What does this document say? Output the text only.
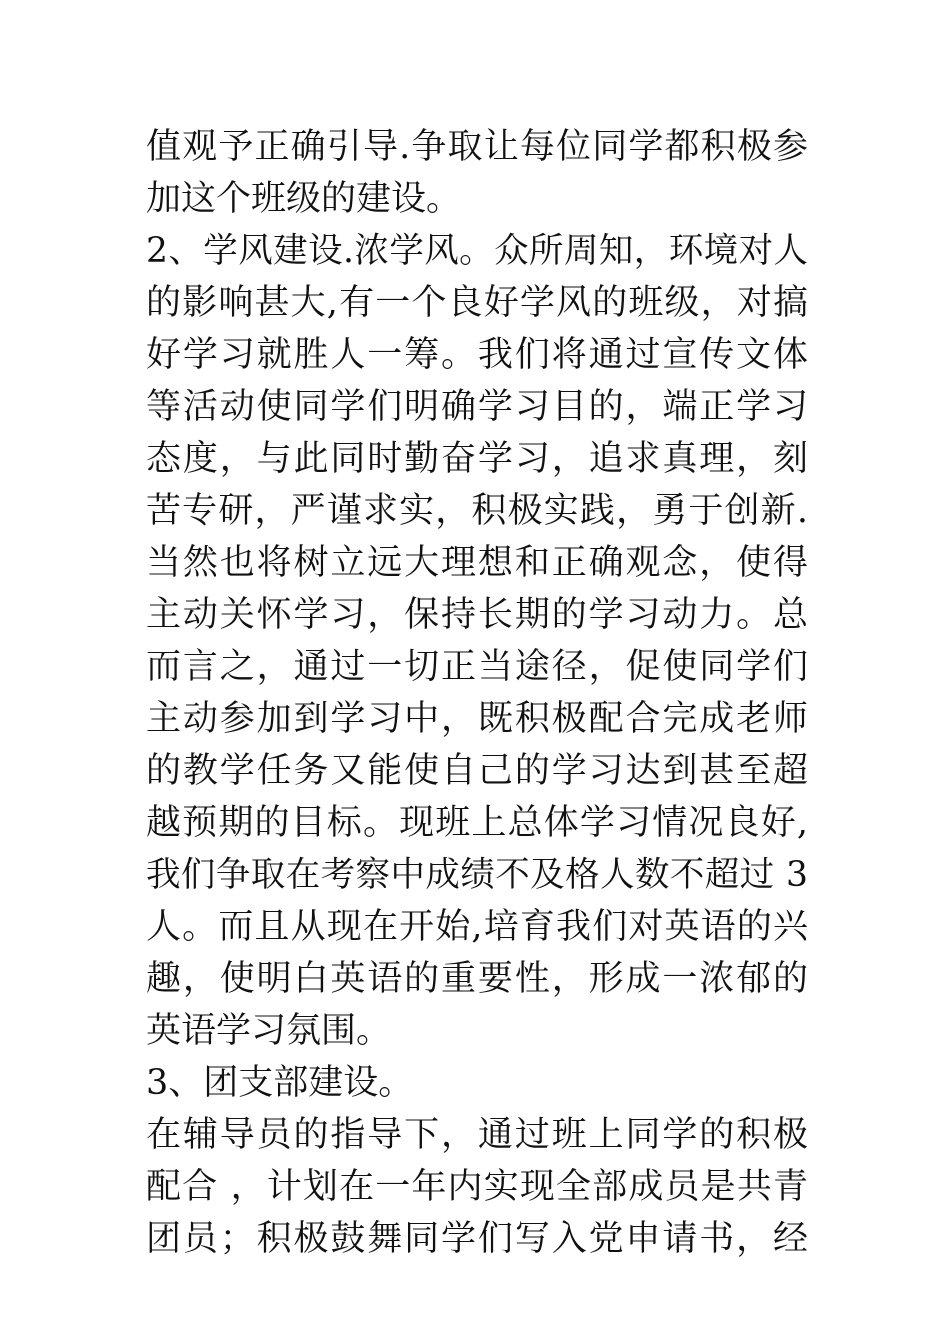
值观予正确引导.争取让每位同学都积极参
加这个班级的建设。
2、学风建设.浓学风。众所周知，环境对人
的影响甚大,有一个良好学风的班级，对搞
好学习就胜人一筹。我们将通过宣传文体
等活动使同学们明确学习目的，端正学习
态度，与此同时勤奋学习，追求真理，刻
苦专研，严谨求实，积极实践，勇于创新.
当然也将树立远大理想和正确观念，使得
主动关怀学习，保持长期的学习动力。总
而言之，通过一切正当途径，促使同学们
主动参加到学习中，既积极配合完成老师
的教学任务又能使自己的学习达到甚至超
越预期的目标。现班上总体学习情况良好,
我们争取在考察中成绩不及格人数不超过 3
人。而且从现在开始,培育我们对英语的兴
趣，使明白英语的重要性，形成一浓郁的
英语学习氛围。
3、团支部建设。
在辅导员的指导下，通过班上同学的积极
配合 ，计划在一年内实现全部成员是共青
团员；积极鼓舞同学们写入党申请书，经
